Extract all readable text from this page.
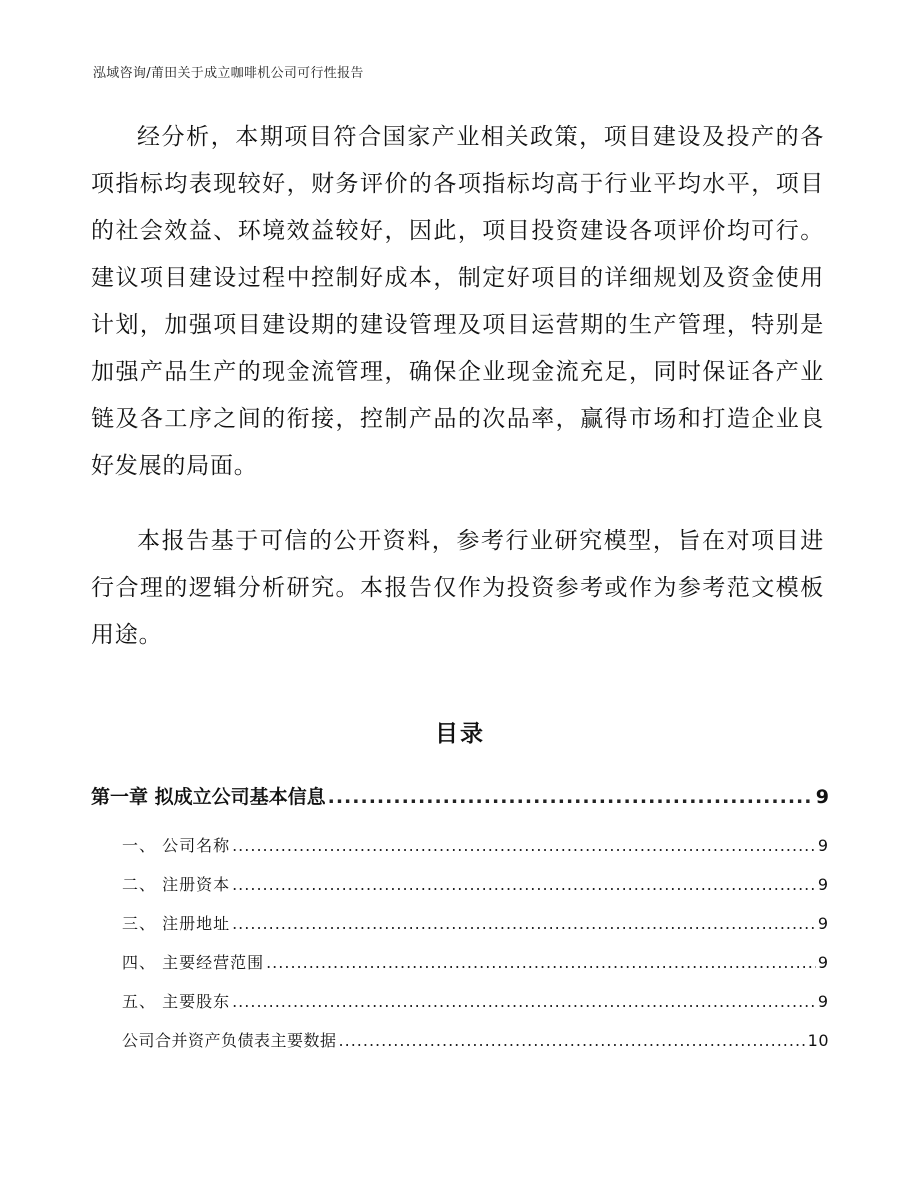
泓域咨询/莆田关于成立咖啡机公司可行性报告

经分析，本期项目符合国家产业相关政策，项目建设及投产的各项指标均表现较好，财务评价的各项指标均高于行业平均水平，项目的社会效益、环境效益较好，因此，项目投资建设各项评价均可行。建议项目建设过程中控制好成本，制定好项目的详细规划及资金使用计划，加强项目建设期的建设管理及项目运营期的生产管理，特别是加强产品生产的现金流管理，确保企业现金流充足，同时保证各产业链及各工序之间的衔接，控制产品的次品率，赢得市场和打造企业良好发展的局面。

本报告基于可信的公开资料，参考行业研究模型，旨在对项目进行合理的逻辑分析研究。本报告仅作为投资参考或作为参考范文模板用途。

目录
第一章 拟成立公司基本信息 .....	9
一、 公司名称 .....	9
二、 注册资本 .....	9
三、 注册地址 .....	9
四、 主要经营范围 .....	9
五、 主要股东 .....	9
公司合并资产负债表主要数据 .....	10
